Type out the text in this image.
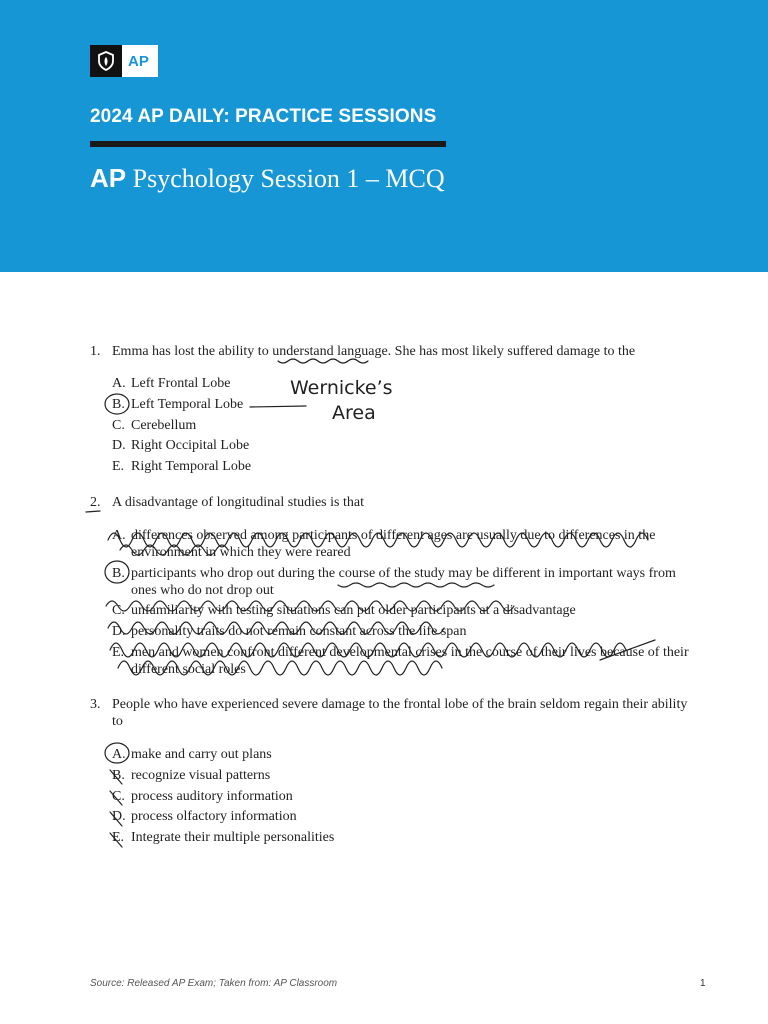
AP
2024 AP DAILY: PRACTICE SESSIONS
AP Psychology Session 1 – MCQ
1. Emma has lost the ability to understand language. She has most likely suffered damage to the
A. Left Frontal Lobe
B. Left Temporal Lobe
C. Cerebellum
D. Right Occipital Lobe
E. Right Temporal Lobe
2. A disadvantage of longitudinal studies is that
A. differences observed among participants of different ages are usually due to differences in the environment in which they were reared
B. participants who drop out during the course of the study may be different in important ways from ones who do not drop out
C. unfamiliarity with testing situations can put older participants at a disadvantage
D. personality traits do not remain constant across the life span
E. men and women confront different developmental crises in the course of their lives because of their different social roles
3. People who have experienced severe damage to the frontal lobe of the brain seldom regain their ability to
A. make and carry out plans
B. recognize visual patterns
C. process auditory information
D. process olfactory information
E. Integrate their multiple personalities
Wernicke’s
Area
Source: Released AP Exam; Taken from: AP Classroom	1
